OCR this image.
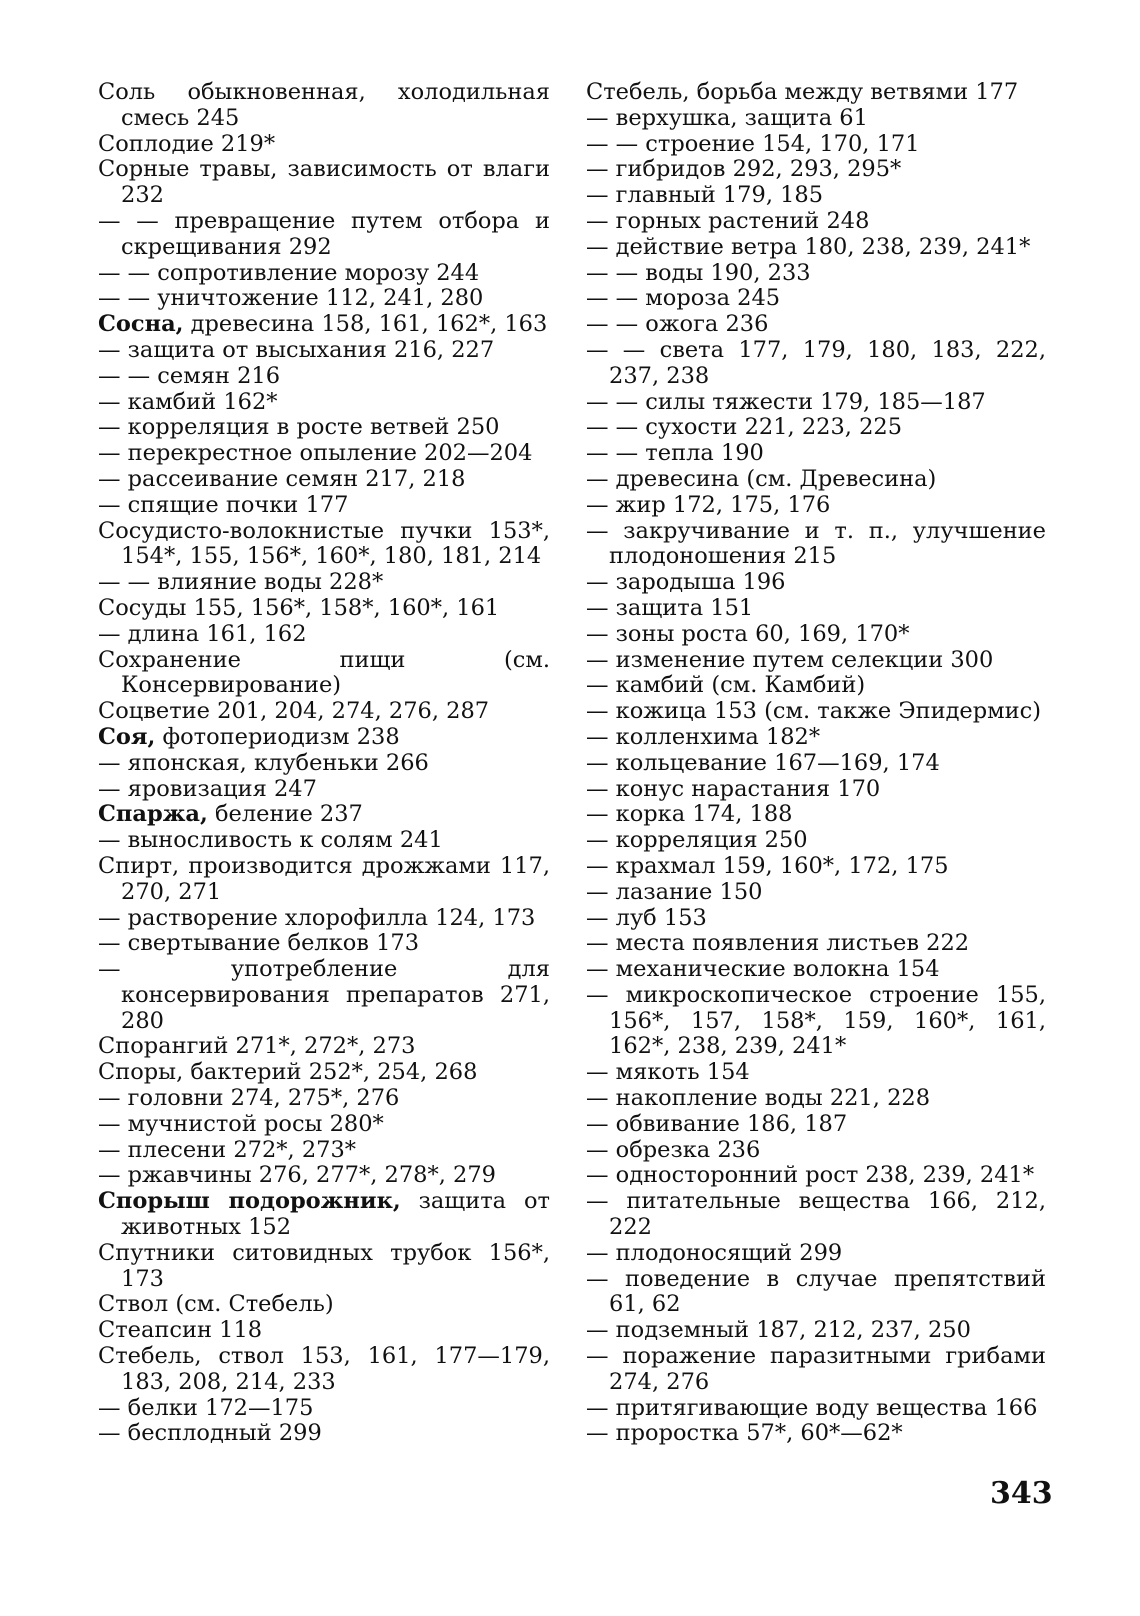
Соль обыкновенная, холодильная смесь 245
Соплодие 219*
Сорные травы, зависимость от влаги 232
— — превращение путем отбора и скрещивания 292
— — сопротивление морозу 244
— — уничтожение 112, 241, 280
Сосна, древесина 158, 161, 162*, 163
— защита от высыхания 216, 227
— — семян 216
— камбий 162*
— корреляция в росте ветвей 250
— перекрестное опыление 202—204
— рассеивание семян 217, 218
— спящие почки 177
Сосудисто-волокнистые пучки 153*, 154*, 155, 156*, 160*, 180, 181, 214
— — влияние воды 228*
Сосуды 155, 156*, 158*, 160*, 161
— длина 161, 162
Сохранение пищи (см. Консервирование)
Соцветие 201, 204, 274, 276, 287
Соя, фотопериодизм 238
— японская, клубеньки 266
— яровизация 247
Спаржа, беление 237
— выносливость к солям 241
Спирт, производится дрожжами 117, 270, 271
— растворение хлорофилла 124, 173
— свертывание белков 173
— употребление для консервирования препаратов 271, 280
Спорангий 271*, 272*, 273
Споры, бактерий 252*, 254, 268
— головни 274, 275*, 276
— мучнистой росы 280*
— плесени 272*, 273*
— ржавчины 276, 277*, 278*, 279
Спорыш подорожник, защита от животных 152
Спутники ситовидных трубок 156*, 173
Ствол (см. Стебель)
Стеапсин 118
Стебель, ствол 153, 161, 177—179, 183, 208, 214, 233
— белки 172—175
— бесплодный 299
Стебель, борьба между ветвями 177
— верхушка, защита 61
— — строение 154, 170, 171
— гибридов 292, 293, 295*
— главный 179, 185
— горных растений 248
— действие ветра 180, 238, 239, 241*
— — воды 190, 233
— — мороза 245
— — ожога 236
— — света 177, 179, 180, 183, 222, 237, 238
— — силы тяжести 179, 185—187
— — сухости 221, 223, 225
— — тепла 190
— древесина (см. Древесина)
— жир 172, 175, 176
— закручивание и т. п., улучшение плодоношения 215
— зародыша 196
— защита 151
— зоны роста 60, 169, 170*
— изменение путем селекции 300
— камбий (см. Камбий)
— кожица 153 (см. также Эпидермис)
— колленхима 182*
— кольцевание 167—169, 174
— конус нарастания 170
— корка 174, 188
— корреляция 250
— крахмал 159, 160*, 172, 175
— лазание 150
— луб 153
— места появления листьев 222
— механические волокна 154
— микроскопическое строение 155, 156*, 157, 158*, 159, 160*, 161, 162*, 238, 239, 241*
— мякоть 154
— накопление воды 221, 228
— обвивание 186, 187
— обрезка 236
— односторонний рост 238, 239, 241*
— питательные вещества 166, 212, 222
— плодоносящий 299
— поведение в случае препятствий 61, 62
— подземный 187, 212, 237, 250
— поражение паразитными грибами 274, 276
— притягивающие воду вещества 166
— проростка 57*, 60*—62*
343
